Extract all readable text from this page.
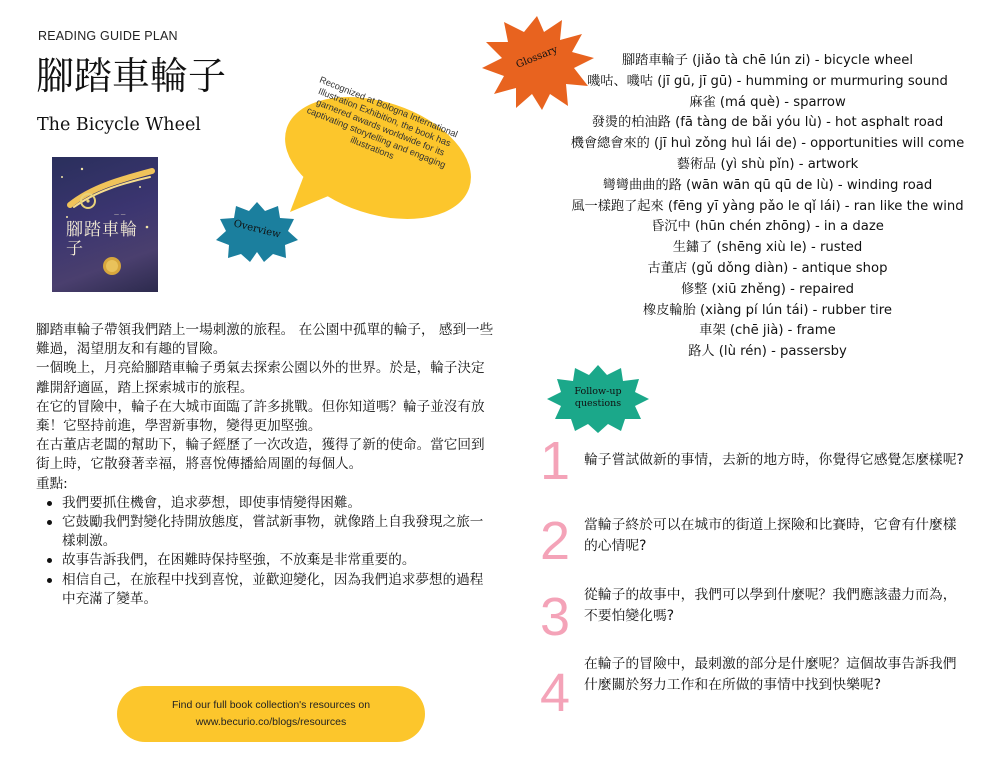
READING GUIDE PLAN
腳踏車輪子
The Bicycle Wheel
— —
腳踏車輪子
Recognized at Bologna International Illustration Exhibition, the book has garnered awards worldwide for its captivating storytelling and engaging illustrations
Overview
Glossary

腳踏車輪子帶領我們踏上一場刺激的旅程。 在公園中孤單的輪子， 感到一些難過，渴望朋友和有趣的冒險。

一個晚上，月亮給腳踏車輪子勇氣去探索公園以外的世界。於是，輪子決定離開舒適區，踏上探索城市的旅程。

在它的冒險中，輪子在大城市面臨了許多挑戰。但你知道嗎？輪子並沒有放棄！它堅持前進，學習新事物，變得更加堅強。

在古董店老闆的幫助下，輪子經歷了一次改造，獲得了新的使命。當它回到街上時，它散發著幸福，將喜悅傳播給周圍的每個人。

重點:

我們要抓住機會，追求夢想，即使事情變得困難。
它鼓勵我們對變化持開放態度，嘗試新事物，就像踏上自我發現之旅一樣刺激。
故事告訴我們，在困難時保持堅強，不放棄是非常重要的。
相信自己，在旅程中找到喜悅，並歡迎變化，因為我們追求夢想的過程中充滿了變革。
Find our full book collection's resources on
www.becurio.co/blogs/resources
腳踏車輪子 (jiǎo tà chē lún zi) - bicycle wheel
嘰咕、嘰咕 (jī gū, jī gū) - humming or murmuring sound
麻雀 (má què) - sparrow
發燙的柏油路 (fā tàng de bǎi yóu lù) - hot asphalt road
機會總會來的 (jī huì zǒng huì lái de) - opportunities will come
藝術品 (yì shù pǐn) - artwork
彎彎曲曲的路 (wān wān qū qū de lù) - winding road
風一樣跑了起來 (fēng yī yàng pǎo le qǐ lái) - ran like the wind
昏沉中 (hūn chén zhōng) - in a daze
生鏽了 (shēng xiù le) - rusted
古董店 (gǔ dǒng diàn) - antique shop
修整 (xiū zhěng) - repaired
橡皮輪胎 (xiàng pí lún tái) - rubber tire
車架 (chē jià) - frame
路人 (lù rén) - passersby
Follow-up questions
1 輪子嘗試做新的事情，去新的地方時，你覺得它感覺怎麼樣呢?
2 當輪子終於可以在城市的街道上探險和比賽時，它會有什麼樣的心情呢?
3 從輪子的故事中，我們可以學到什麼呢？我們應該盡力而為，不要怕變化嗎?
4 在輪子的冒險中，最刺激的部分是什麼呢？這個故事告訴我們什麼關於努力工作和在所做的事情中找到快樂呢?
